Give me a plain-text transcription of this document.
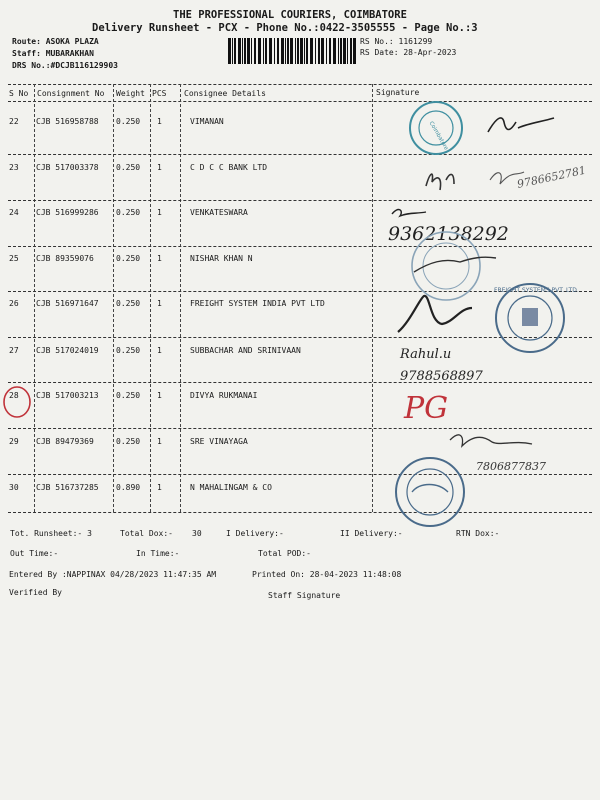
THE PROFESSIONAL COURIERS, COIMBATORE
Delivery Runsheet - PCX - Phone No.:0422-3505555 - Page No.:3
Route: ASOKA PLAZA
Staff: MUBARAKHAN
DRS No.:#DCJB116129903
RS No.: 1161299
RS Date: 28-Apr-2023
S No Consignment No Weight PCS Consignee Details	Signature
22 CJB 516958788 0.250 1	VIMANAN
23 CJB 517003378 0.250 1	C D C C BANK LTD
24 CJB 516999286 0.250 1	VENKATESWARA
25 CJB 89359076	0.250 1	NISHAR KHAN N
26 CJB 516971647 0.250 1	FREIGHT SYSTEM INDIA PVT LTD
27 CJB 517024019 0.250 1	SUBBACHAR AND SRINIVAAN
28 CJB 517003213 0.250 1	DIVYA RUKMANAI
29 CJB 89479369	0.250 1	SRE VINAYAGA
30 CJB 516737285 0.890 1	N MAHALINGAM & CO
Coimbatore
9786652781
9362138292
FREIGHT SYSTEMS PVT. LTD.
Rahul.u
9788568897
PG
7806877837
Tot. Runsheet:- 3	Total Dox:- 30	I Delivery:-	II Delivery:-	RTN Dox:-
Out Time:-	In Time:-	Total POD:-
Entered By :NAPPINAX 04/28/2023 11:47:35 AM	Printed On: 28-04-2023 11:48:08
Verified By	Staff Signature
